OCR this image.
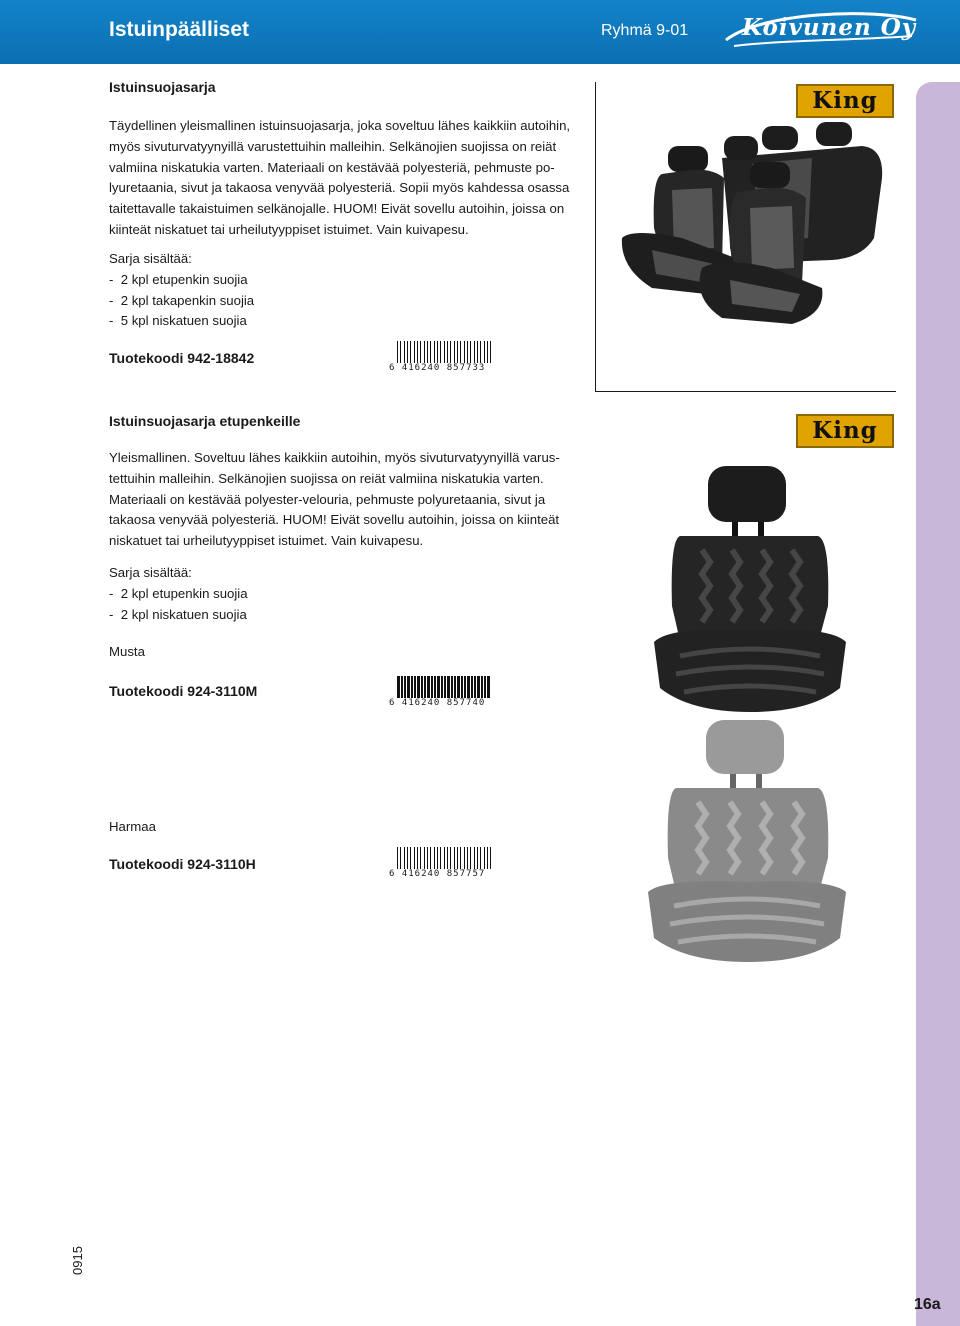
Istuinpäälliset	Ryhmä 9-01 Koivunen Oy
16a
0915
Istuinsuojasarja
Täydellinen yleismallinen istuinsuojasarja, joka soveltuu lähes kaikkiin autoihin,
myös sivuturvatyynyillä varustettuihin malleihin. Selkänojien suojissa on reiät
valmiina niskatukia varten. Materiaali on kestävää polyesteriä, pehmuste po-
lyuretaania, sivut ja takaosa venyvää polyesteriä. Sopii myös kahdessa osassa
taitettavalle takaistuimen selkänojalle. HUOM! Eivät sovellu autoihin, joissa on
kiinteät niskatuet tai urheilutyyppiset istuimet. Vain kuivapesu.
Sarja sisältää:
-  2 kpl etupenkin suojia
-  2 kpl takapenkin suojia
-  5 kpl niskatuen suojia
Tuotekoodi 942-18842
6 416240 857733
King
Istuinsuojasarja etupenkeille
Yleismallinen. Soveltuu lähes kaikkiin autoihin, myös sivuturvatyynyillä varus-
tettuihin malleihin. Selkänojien suojissa on reiät valmiina niskatukia varten.
Materiaali on kestävää polyester-velouria, pehmuste polyuretaania, sivut ja
takaosa venyvää polyesteriä. HUOM! Eivät sovellu autoihin, joissa on kiinteät
niskatuet tai urheilutyyppiset istuimet. Vain kuivapesu.
Sarja sisältää:
-  2 kpl etupenkin suojia
-  2 kpl niskatuen suojia
Musta
Tuotekoodi 924-3110M
6 416240 857740
Harmaa
Tuotekoodi 924-3110H
6 416240 857757
King
